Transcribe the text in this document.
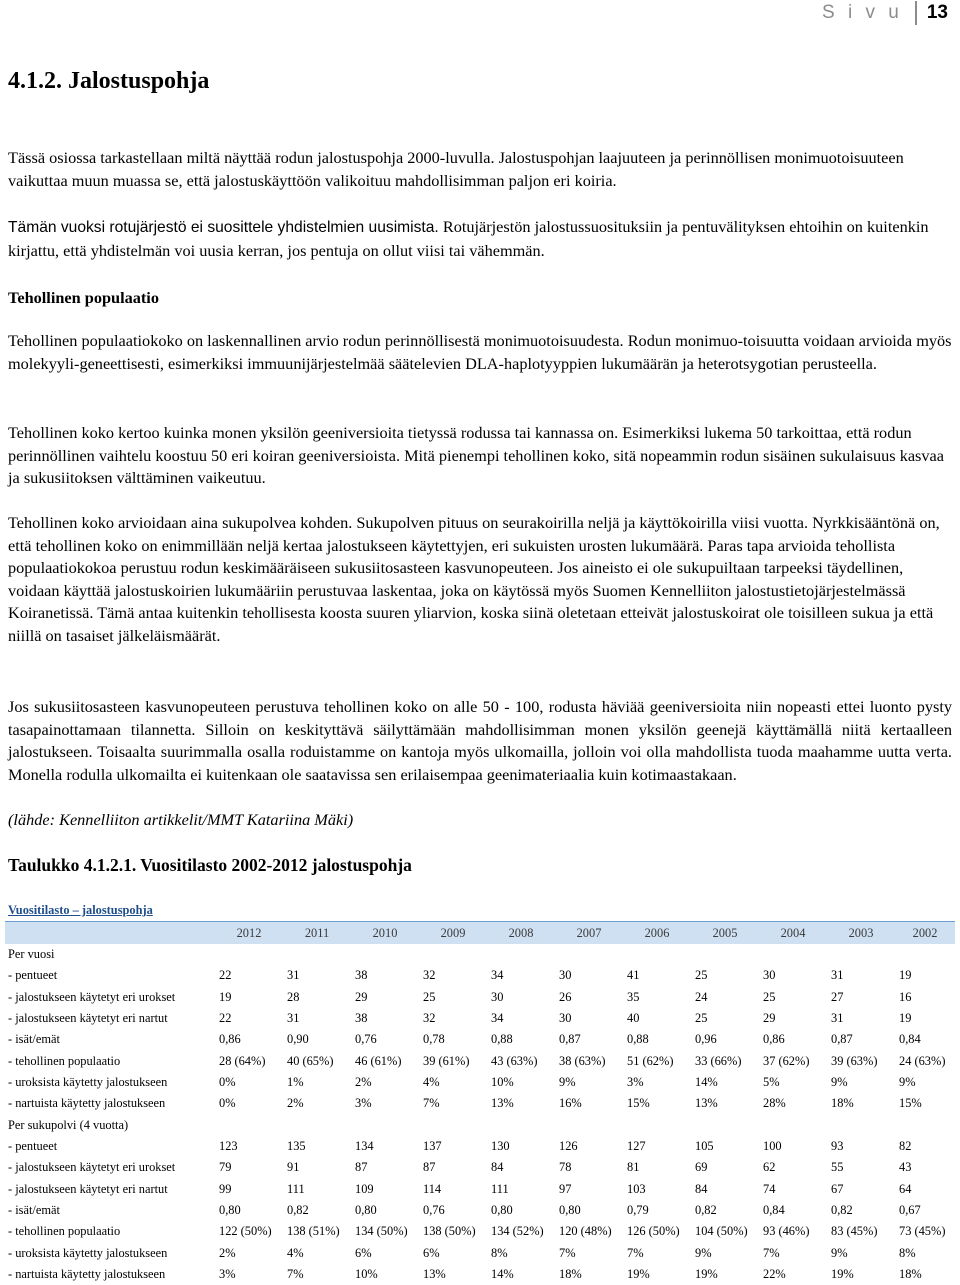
S i v u	13
4.1.2. Jalostuspohja

Tässä osiossa tarkastellaan miltä näyttää rodun jalostuspohja 2000-luvulla. Jalostuspohjan laajuuteen ja perinnöllisen monimuotoisuuteen vaikuttaa muun muassa se, että jalostuskäyttöön valikoituu mahdollisimman paljon eri koiria.

Tämän vuoksi rotujärjestö ei suosittele yhdistelmien uusimista. Rotujärjestön jalostussuosituksiin ja pentuvälityksen ehtoihin on kuitenkin kirjattu, että yhdistelmän voi uusia kerran, jos pentuja on ollut viisi tai vähemmän.

Tehollinen populaatio

Tehollinen populaatiokoko on laskennallinen arvio rodun perinnöllisestä monimuotoisuudesta. Rodun monimuo-toisuutta voidaan arvioida myös molekyyli-geneettisesti, esimerkiksi immuunijärjestelmää säätelevien DLA-haplotyyppien lukumäärän ja heterotsygotian perusteella.

Tehollinen koko kertoo kuinka monen yksilön geeniversioita tietyssä rodussa tai kannassa on. Esimerkiksi lukema 50 tarkoittaa, että rodun perinnöllinen vaihtelu koostuu 50 eri koiran geeniversioista. Mitä pienempi tehollinen koko, sitä nopeammin rodun sisäinen sukulaisuus kasvaa ja sukusiitoksen välttäminen vaikeutuu.

Tehollinen koko arvioidaan aina sukupolvea kohden. Sukupolven pituus on seurakoirilla neljä ja käyttökoirilla viisi vuotta. Nyrkkisääntönä on, että tehollinen koko on enimmillään neljä kertaa jalostukseen käytettyjen, eri sukuisten urosten lukumäärä. Paras tapa arvioida tehollista populaatiokokoa perustuu rodun keskimääräiseen sukusiitosasteen kasvunopeuteen. Jos aineisto ei ole sukupuiltaan tarpeeksi täydellinen, voidaan käyttää jalostuskoirien lukumääriin perustuvaa laskentaa, joka on käytössä myös Suomen Kennelliiton jalostustietojärjestelmässä Koiranetissä. Tämä antaa kuitenkin tehollisesta koosta suuren yliarvion, koska siinä oletetaan etteivät jalostuskoirat ole toisilleen sukua ja että niillä on tasaiset jälkeläismäärät.

Jos sukusiitosasteen kasvunopeuteen perustuva tehollinen koko on alle 50 - 100, rodusta häviää geeniversioita niin nopeasti ettei luonto pysty tasapainottamaan tilannetta. Silloin on keskityttävä säilyttämään mahdollisimman monen yksilön geenejä käyttämällä niitä kertaalleen jalostukseen. Toisaalta suurimmalla osalla roduistamme on kantoja myös ulkomailla, jolloin voi olla mahdollista tuoda maahamme uutta verta. Monella rodulla ulkomailta ei kuitenkaan ole saatavissa sen erilaisempaa geenimateriaalia kuin kotimaastakaan.

(lähde: Kennelliiton artikkelit/MMT Katariina Mäki)

Taulukko 4.1.2.1. Vuositilasto 2002-2012 jalostuspohja
Vuositilasto – jalostuspohja											
	2012	2011	2010	2009	2008	2007	2006	2005	2004	2003	2002
Per vuosi											
- pentueet	22	31	38	32	34	30	41	25	30	31	19
- jalostukseen käytetyt eri urokset	19	28	29	25	30	26	35	24	25	27	16
- jalostukseen käytetyt eri nartut	22	31	38	32	34	30	40	25	29	31	19
- isät/emät	0,86	0,90	0,76	0,78	0,88	0,87	0,88	0,96	0,86	0,87	0,84
- tehollinen populaatio	28 (64%)	40 (65%)	46 (61%)	39 (61%)	43 (63%)	38 (63%)	51 (62%)	33 (66%)	37 (62%)	39 (63%)	24 (63%)
- uroksista käytetty jalostukseen	0%	1%	2%	4%	10%	9%	3%	14%	5%	9%	9%
- nartuista käytetty jalostukseen	0%	2%	3%	7%	13%	16%	15%	13%	28%	18%	15%
Per sukupolvi (4 vuotta)											
- pentueet	123	135	134	137	130	126	127	105	100	93	82
- jalostukseen käytetyt eri urokset	79	91	87	87	84	78	81	69	62	55	43
- jalostukseen käytetyt eri nartut	99	111	109	114	111	97	103	84	74	67	64
- isät/emät	0,80	0,82	0,80	0,76	0,80	0,80	0,79	0,82	0,84	0,82	0,67
- tehollinen populaatio	122 (50%)	138 (51%)	134 (50%)	138 (50%)	134 (52%)	120 (48%)	126 (50%)	104 (50%)	93 (46%)	83 (45%)	73 (45%)
- uroksista käytetty jalostukseen	2%	4%	6%	6%	8%	7%	7%	9%	7%	9%	8%
- nartuista käytetty jalostukseen	3%	7%	10%	13%	14%	18%	19%	19%	22%	19%	18%
